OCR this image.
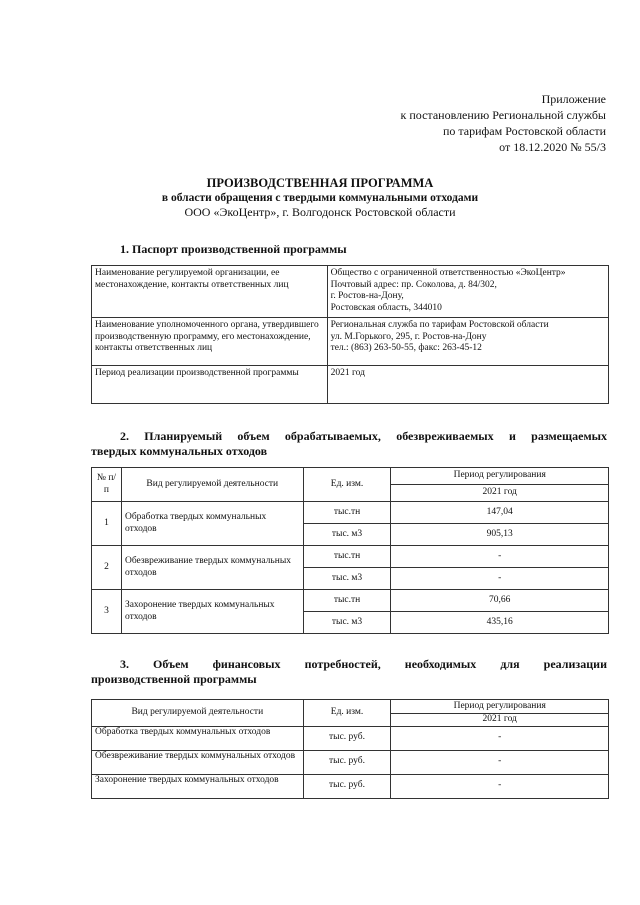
Приложение
к постановлению Региональной службы
по тарифам Ростовской области
от 18.12.2020 № 55/3
ПРОИЗВОДСТВЕННАЯ ПРОГРАММА
в области обращения с твердыми коммунальными отходами
ООО «ЭкоЦентр», г. Волгодонск Ростовской области
1. Паспорт производственной программы
Наименование регулируемой организации, ее местонахождение, контакты ответственных лиц	Общество с ограниченной ответственностью «ЭкоЦентр»
Почтовый адрес: пр. Соколова, д. 84/302,
г. Ростов-на-Дону,
Ростовская область, 344010

Наименование уполномоченного органа, утвердившего производственную программу, его местонахождение, контакты ответственных лиц	Региональная служба по тарифам Ростовской области
ул. М.Горького, 295, г. Ростов-на-Дону
тел.: (863) 263-50-55, факс: 263-45-12

Период реализации производственной программы	2021 год
2. Планируемый объем обрабатываемых, обезвреживаемых и размещаемых
твердых коммунальных отходов
№ п/п	Вид регулируемой деятельности	Ед. изм.	Период регулирования
			2021 год
1	Обработка твердых коммунальных отходов	тыс.тн	147,04
		тыс. м3	905,13
2	Обезвреживание твердых коммунальных отходов	тыс.тн	-
		тыс. м3	-
3	Захоронение твердых коммунальных отходов	тыс.тн	70,66
		тыс. м3	435,16
3. Объем финансовых потребностей, необходимых для реализации
производственной программы
Вид регулируемой деятельности	Ед. изм.	Период регулирования
		2021 год
Обработка твердых коммунальных отходов	тыс. руб.	-
Обезвреживание твердых коммунальных отходов	тыс. руб.	-
Захоронение твердых коммунальных отходов	тыс. руб.	-
